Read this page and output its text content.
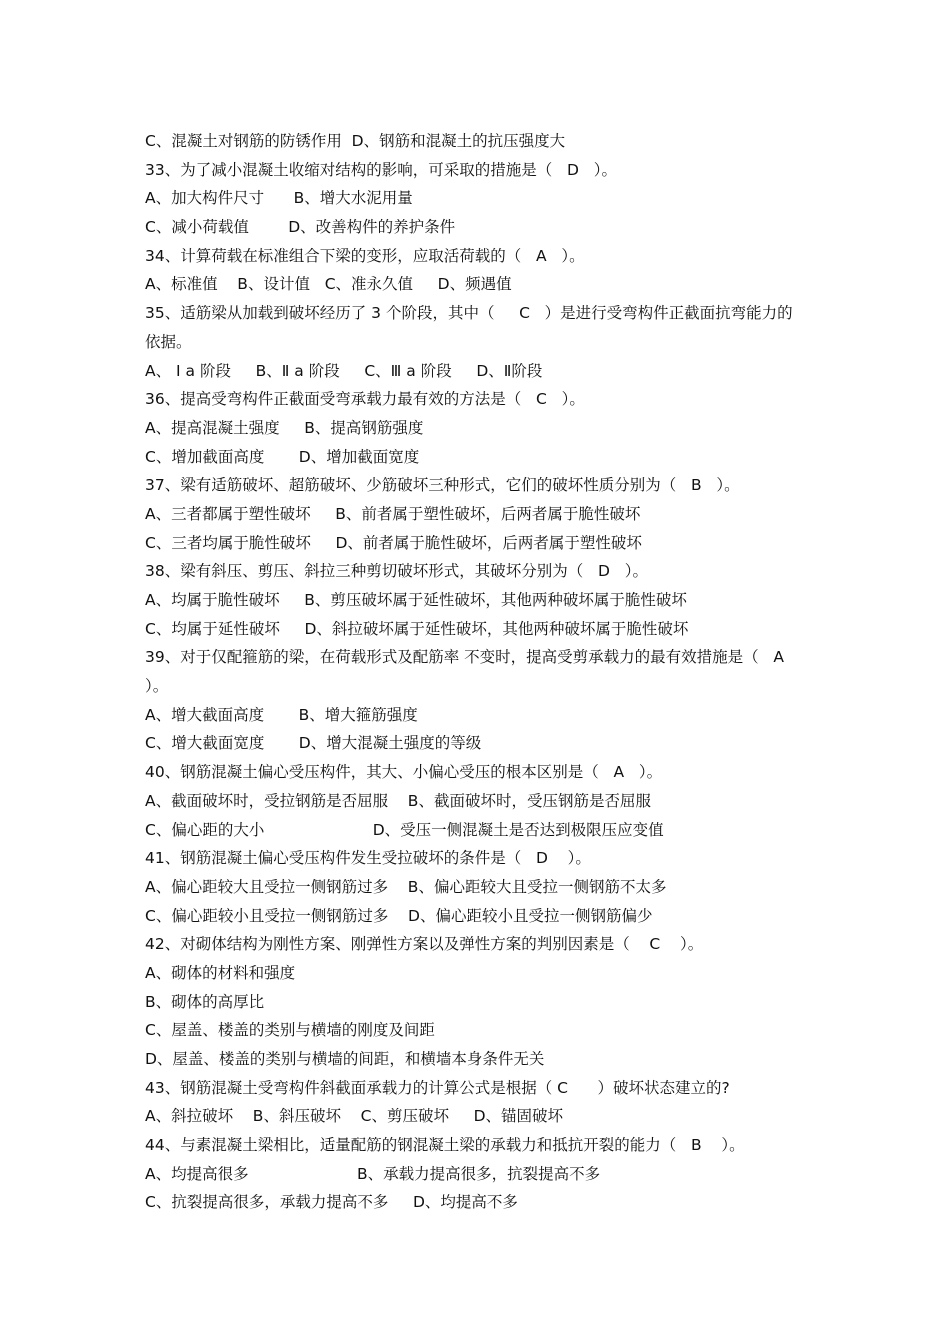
C、混凝土对钢筋的防锈作用  D、钢筋和混凝土的抗压强度大
33、为了减小混凝土收缩对结构的影响，可采取的措施是（   D   ）。
A、加大构件尺寸      B、增大水泥用量
C、减小荷载值        D、改善构件的养护条件
34、计算荷载在标准组合下梁的变形，应取活荷载的（   A   ）。
A、标准值    B、设计值   C、准永久值     D、频遇值
35、适筋梁从加载到破坏经历了 3 个阶段，其中（     C   ）是进行受弯构件正截面抗弯能力的
依据。
A、 Ⅰ a 阶段     B、Ⅱ a 阶段     C、Ⅲ a 阶段     D、Ⅱ阶段
36、提高受弯构件正截面受弯承载力最有效的方法是（   C   ）。
A、提高混凝土强度     B、提高钢筋强度
C、增加截面高度       D、增加截面宽度
37、梁有适筋破坏、超筋破坏、少筋破坏三种形式，它们的破坏性质分别为（   B   ）。
A、三者都属于塑性破坏     B、前者属于塑性破坏，后两者属于脆性破坏
C、三者均属于脆性破坏     D、前者属于脆性破坏，后两者属于塑性破坏
38、梁有斜压、剪压、斜拉三种剪切破坏形式，其破坏分别为（   D   ）。
A、均属于脆性破坏     B、剪压破坏属于延性破坏，其他两种破坏属于脆性破坏
C、均属于延性破坏     D、斜拉破坏属于延性破坏，其他两种破坏属于脆性破坏
39、对于仅配箍筋的梁，在荷载形式及配筋率 不变时，提高受剪承载力的最有效措施是（   A
）。
A、增大截面高度       B、增大箍筋强度
C、增大截面宽度       D、增大混凝土强度的等级
40、钢筋混凝土偏心受压构件，其大、小偏心受压的根本区别是（   A   ）。
A、截面破坏时，受拉钢筋是否屈服    B、截面破坏时，受压钢筋是否屈服
C、偏心距的大小                      D、受压一侧混凝土是否达到极限压应变值
41、钢筋混凝土偏心受压构件发生受拉破坏的条件是（   D    ）。
A、偏心距较大且受拉一侧钢筋过多    B、偏心距较大且受拉一侧钢筋不太多
C、偏心距较小且受拉一侧钢筋过多    D、偏心距较小且受拉一侧钢筋偏少
42、对砌体结构为刚性方案、刚弹性方案以及弹性方案的判别因素是（    C    ）。
A、砌体的材料和强度
B、砌体的高厚比
C、屋盖、楼盖的类别与横墙的刚度及间距
D、屋盖、楼盖的类别与横墙的间距，和横墙本身条件无关
43、钢筋混凝土受弯构件斜截面承载力的计算公式是根据（ C      ）破坏状态建立的?
A、斜拉破坏    B、斜压破坏    C、剪压破坏     D、锚固破坏
44、与素混凝土梁相比，适量配筋的钢混凝土梁的承载力和抵抗开裂的能力（   B    ）。
A、均提高很多                      B、承载力提高很多，抗裂提高不多
C、抗裂提高很多，承载力提高不多     D、均提高不多
